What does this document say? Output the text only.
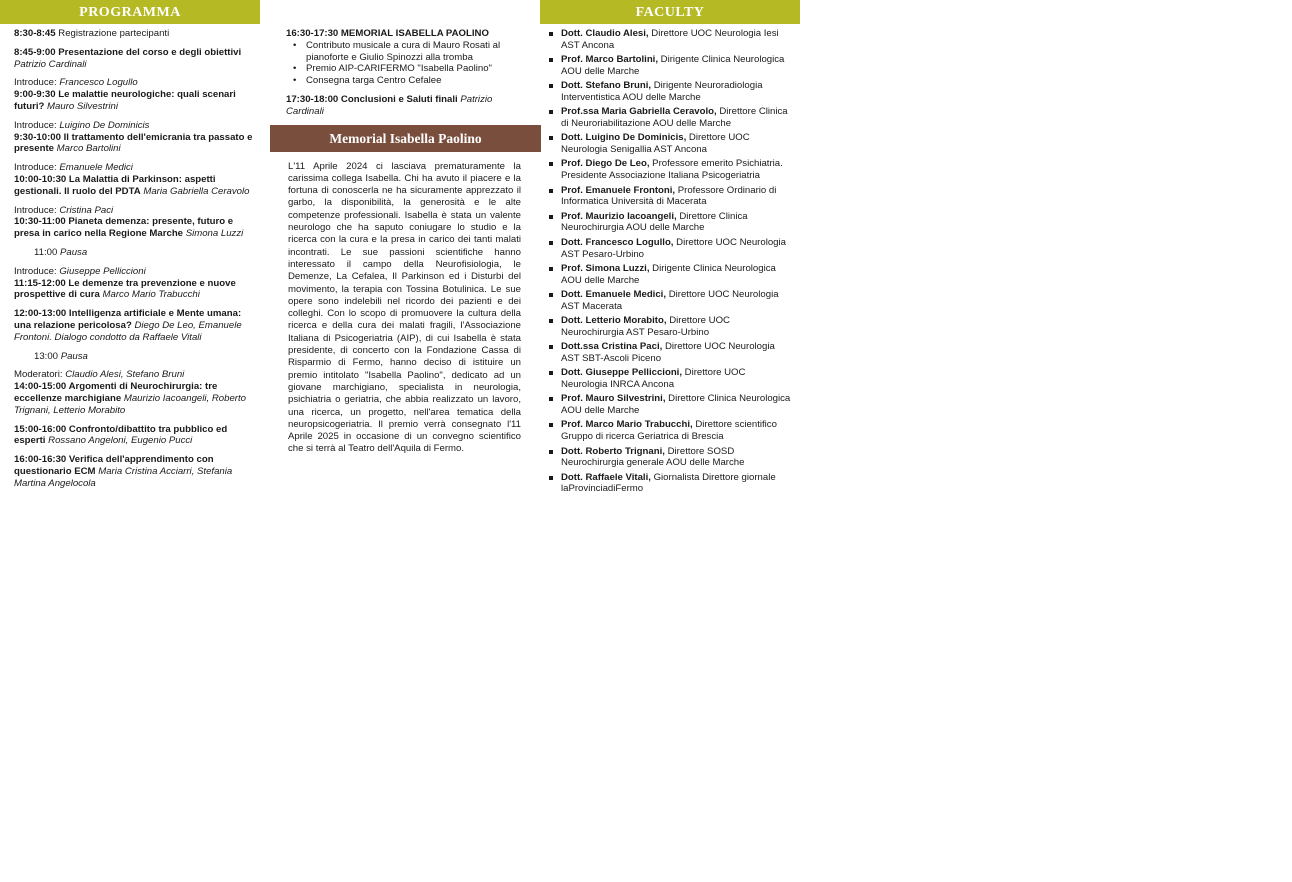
PROGRAMMA	FACULTY
8:30-8:45 Registrazione partecipanti
8:45-9:00 Presentazione del corso e degli obiettivi Patrizio Cardinali
Introduce: Francesco Logullo
9:00-9:30 Le malattie neurologiche: quali scenari futuri? Mauro Silvestrini
Introduce: Luigino De Dominicis
9:30-10:00 Il trattamento dell'emicrania tra passato e presente Marco Bartolini
Introduce: Emanuele Medici
10:00-10:30 La Malattia di Parkinson: aspetti gestionali. Il ruolo del PDTA Maria Gabriella Ceravolo
Introduce: Cristina Paci
10:30-11:00 Pianeta demenza: presente, futuro e presa in carico nella Regione Marche Simona Luzzi
11:00 Pausa
Introduce: Giuseppe Pelliccioni
11:15-12:00 Le demenze tra prevenzione e nuove prospettive di cura Marco Mario Trabucchi
12:00-13:00 Intelligenza artificiale e Mente umana: una relazione pericolosa? Diego De Leo, Emanuele Frontoni. Dialogo condotto da Raffaele Vitali
13:00 Pausa
Moderatori: Claudio Alesi, Stefano Bruni
14:00-15:00 Argomenti di Neurochirurgia: tre eccellenze marchigiane Maurizio Iacoangeli, Roberto Trignani, Letterio Morabito
15:00-16:00 Confronto/dibattito tra pubblico ed esperti Rossano Angeloni, Eugenio Pucci
16:00-16:30 Verifica dell'apprendimento con questionario ECM Maria Cristina Acciarri, Stefania Martina Angelocola
16:30-17:30 MEMORIAL ISABELLA PAOLINO
• Contributo musicale a cura di Mauro Rosati al pianoforte e Giulio Spinozzi alla tromba
• Premio AIP-CARIFERMO "Isabella Paolino"
• Consegna targa Centro Cefalee
17:30-18:00 Conclusioni e Saluti finali Patrizio Cardinali
Memorial Isabella Paolino
L'11 Aprile 2024 ci lasciava prematuramente la carissima collega Isabella. Chi ha avuto il piacere e la fortuna di conoscerla ne ha sicuramente apprezzato il garbo, la disponibilità, la generosità e le alte competenze professionali. Isabella è stata un valente neurologo che ha saputo coniugare lo studio e la ricerca con la cura e la presa in carico dei tanti malati incontrati. Le sue passioni scientifiche hanno interessato il campo della Neurofisiologia, le Demenze, La Cefalea, Il Parkinson ed i Disturbi del movimento, la terapia con Tossina Botulinica. Le sue opere sono indelebili nel ricordo dei pazienti e dei colleghi. Con lo scopo di promuovere la cultura della ricerca e della cura dei malati fragili, l'Associazione Italiana di Psicogeriatria (AIP), di cui Isabella è stata presidente, di concerto con la Fondazione Cassa di Risparmio di Fermo, hanno deciso di istituire un premio intitolato "Isabella Paolino", dedicato ad un giovane marchigiano, specialista in neurologia, psichiatria o geriatria, che abbia realizzato un lavoro, una ricerca, un progetto, nell'area tematica della neuropsicogeriatria. Il premio verrà consegnato l'11 Aprile 2025 in occasione di un convegno scientifico che si terrà al Teatro dell'Aquila di Fermo.
Dott. Claudio Alesi, Direttore UOC Neurologia Iesi AST Ancona
Prof. Marco Bartolini, Dirigente Clinica Neurologica AOU delle Marche
Dott. Stefano Bruni, Dirigente Neuroradiologia Interventistica AOU delle Marche
Prof.ssa Maria Gabriella Ceravolo, Direttore Clinica di Neuroriabilitazione AOU delle Marche
Dott. Luigino De Dominicis, Direttore UOC Neurologia Senigallia AST Ancona
Prof. Diego De Leo, Professore emerito Psichiatria. Presidente Associazione Italiana Psicogeriatria
Prof. Emanuele Frontoni, Professore Ordinario di Informatica Università di Macerata
Prof. Maurizio Iacoangeli, Direttore Clinica Neurochirurgia AOU delle Marche
Dott. Francesco Logullo, Direttore UOC Neurologia AST Pesaro-Urbino
Prof. Simona Luzzi, Dirigente Clinica Neurologica AOU delle Marche
Dott. Emanuele Medici, Direttore UOC Neurologia AST Macerata
Dott. Letterio Morabito, Direttore UOC Neurochirurgia AST Pesaro-Urbino
Dott.ssa Cristina Paci, Direttore UOC Neurologia AST SBT-Ascoli Piceno
Dott. Giuseppe Pelliccioni, Direttore UOC Neurologia INRCA Ancona
Prof. Mauro Silvestrini, Direttore Clinica Neurologica AOU delle Marche
Prof. Marco Mario Trabucchi, Direttore scientifico Gruppo di ricerca Geriatrica di Brescia
Dott. Roberto Trignani, Direttore SOSD Neurochirurgia generale AOU delle Marche
Dott. Raffaele Vitali, Giornalista Direttore giornale laProvinciadiFermo
